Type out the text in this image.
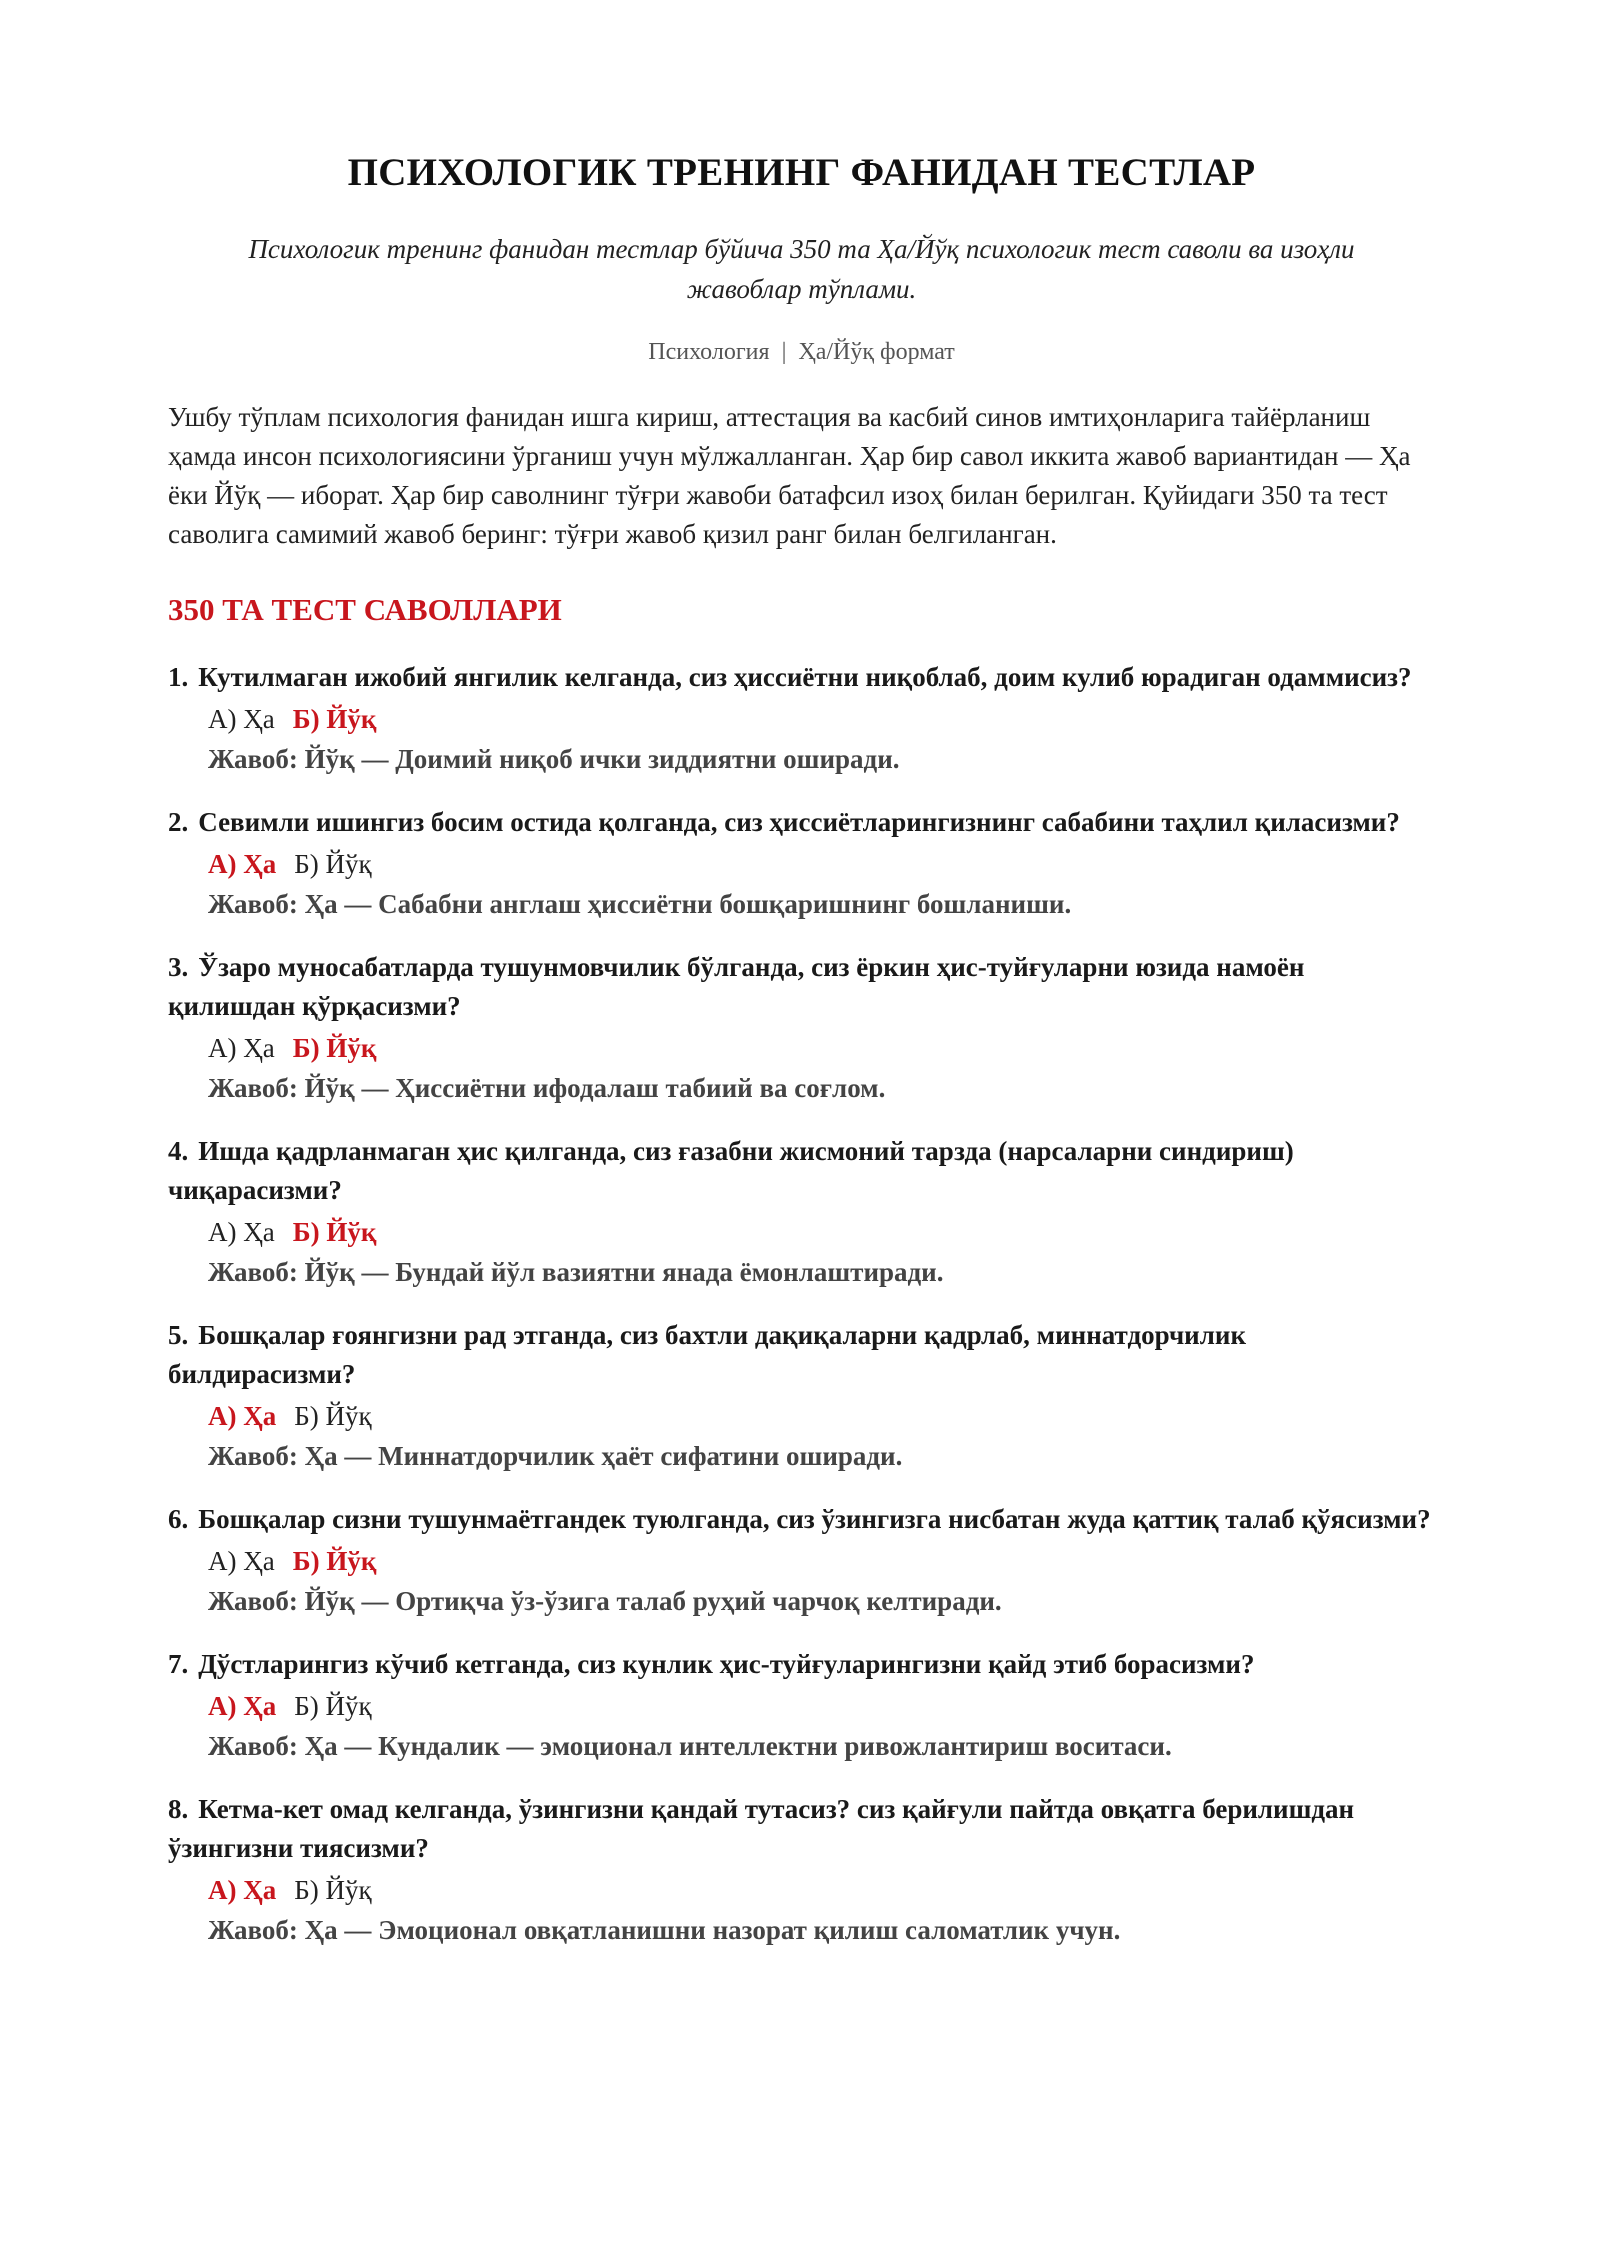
ПСИХОЛОГИК ТРЕНИНГ ФАНИДАН ТЕСТЛАР
Психологик тренинг фанидан тестлар бўйича 350 та Ҳа/Йўқ психологик тест саволи ва изоҳли жавоблар тўплами.
Психология | Ҳа/Йўқ формат
Ушбу тўплам психология фанидан ишга кириш, аттестация ва касбий синов имтиҳонларига тайёрланиш ҳамда инсон психологиясини ўрганиш учун мўлжалланган. Ҳар бир савол иккита жавоб вариантидан — Ҳа ёки Йўқ — иборат. Ҳар бир саволнинг тўғри жавоби батафсил изоҳ билан берилган. Қуйидаги 350 та тест саволига самимий жавоб беринг: тўғри жавоб қизил ранг билан белгиланган.
350 ТА ТЕСТ САВОЛЛАРИ
1. Кутилмаган ижобий янгилик келганда, сиз ҳиссиётни ниқоблаб, доим кулиб юрадиган одаммисиз?
А) Ҳа Б) Йўқ
Жавоб: Йўқ — Доимий ниқоб ички зиддиятни оширади.
2. Севимли ишингиз босим остида қолганда, сиз ҳиссиётларингизнинг сабабини таҳлил қиласизми?
А) Ҳа Б) Йўқ
Жавоб: Ҳа — Сабабни англаш ҳиссиётни бошқаришнинг бошланиши.
3. Ўзаро муносабатларда тушунмовчилик бўлганда, сиз ёркин ҳис-туйғуларни юзида намоён қилишдан қўрқасизми?
А) Ҳа Б) Йўқ
Жавоб: Йўқ — Ҳиссиётни ифодалаш табиий ва соғлом.
4. Ишда қадрланмаган ҳис қилганда, сиз ғазабни жисмоний тарзда (нарсаларни синдириш) чиқарасизми?
А) Ҳа Б) Йўқ
Жавоб: Йўқ — Бундай йўл вазиятни янада ёмонлаштиради.
5. Бошқалар ғоянгизни рад этганда, сиз бахтли дақиқаларни қадрлаб, миннатдорчилик билдирасизми?
А) Ҳа Б) Йўқ
Жавоб: Ҳа — Миннатдорчилик ҳаёт сифатини оширади.
6. Бошқалар сизни тушунмаётгандек туюлганда, сиз ўзингизга нисбатан жуда қаттиқ талаб қўясизми?
А) Ҳа Б) Йўқ
Жавоб: Йўқ — Ортиқча ўз-ўзига талаб руҳий чарчоқ келтиради.
7. Дўстларингиз кўчиб кетганда, сиз кунлик ҳис-туйғуларингизни қайд этиб борасизми?
А) Ҳа Б) Йўқ
Жавоб: Ҳа — Кундалик — эмоционал интеллектни ривожлантириш воситаси.
8. Кетма-кет омад келганда, ўзингизни қандай тутасиз? сиз қайғули пайтда овқатга берилишдан ўзингизни тиясизми?
А) Ҳа Б) Йўқ
Жавоб: Ҳа — Эмоционал овқатланишни назорат қилиш саломатлик учун.
